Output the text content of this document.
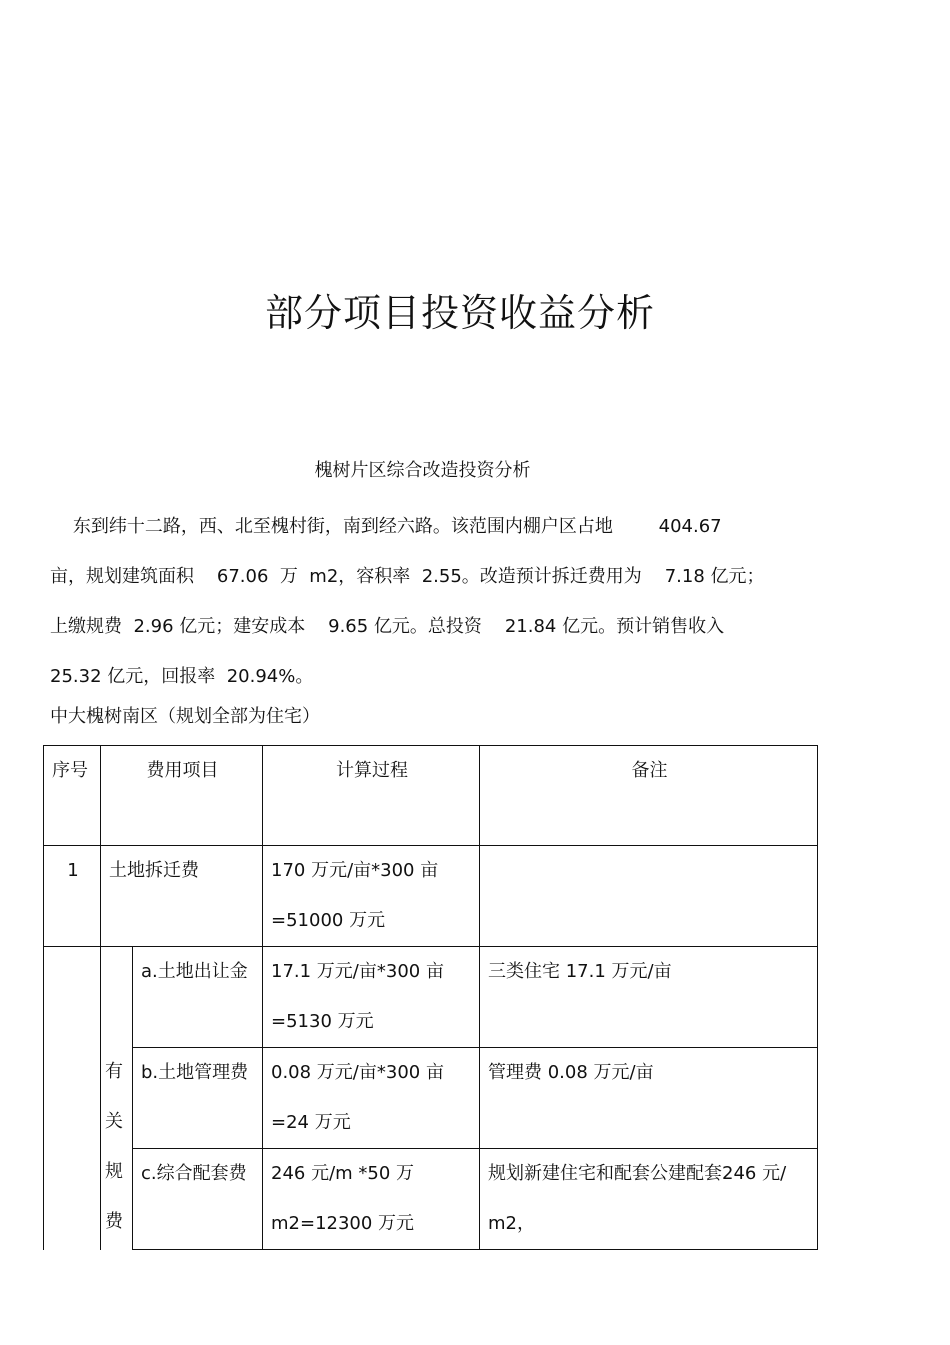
部分项目投资收益分析
槐树片区综合改造投资分析
东到纬十二路，西、北至槐村街，南到经六路。该范围内棚户区占地        404.67
亩，规划建筑面积    67.06  万  m2，容积率  2.55。改造预计拆迁费用为    7.18 亿元；
上缴规费  2.96 亿元；建安成本    9.65 亿元。总投资    21.84 亿元。预计销售收入
25.32 亿元，回报率  20.94%。
中大槐树南区（规划全部为住宅）
序号	费用项目		计算过程	备注
1	土地拆迁费		170 万元/亩*300 亩=51000 万元	

	有关规费	a.土地出让金	17.1 万元/亩*300 亩=5130 万元	三类住宅 17.1 万元/亩
		b.土地管理费	0.08 万元/亩*300 亩=24 万元	管理费 0.08 万元/亩
		c.综合配套费	246 元/m *50 万m2=12300 万元	规划新建住宅和配套公建配套246 元/ m2，
